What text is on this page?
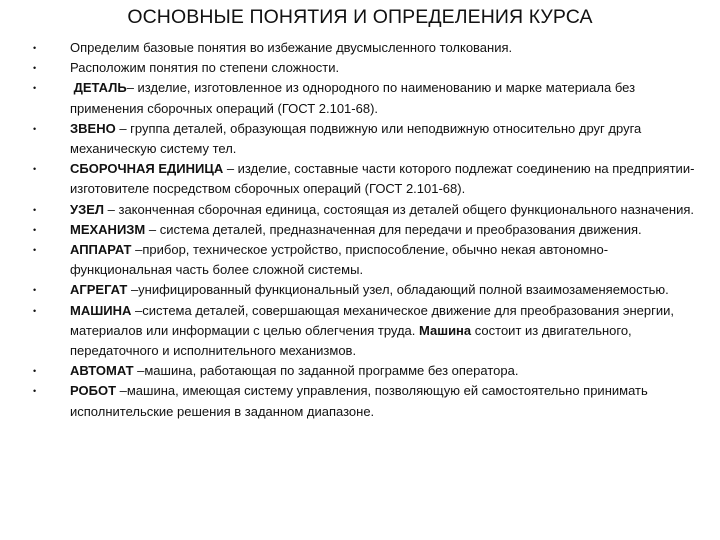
ОСНОВНЫЕ ПОНЯТИЯ И ОПРЕДЕЛЕНИЯ КУРСА
•	Определим базовые понятия во избежание двусмысленного толкования.
•	Расположим понятия по степени сложности.
•	ДЕТАЛЬ– изделие, изготовленное из однородного по наименованию и марке материала без применения сборочных операций (ГОСТ 2.101-68).
•	ЗВЕНО – группа деталей, образующая подвижную или неподвижную относительно друг друга механическую систему тел.
•	СБОРОЧНАЯ ЕДИНИЦА – изделие, составные части которого подлежат соединению на предприятии-изготовителе посредством сборочных операций (ГОСТ 2.101-68).
•	УЗЕЛ – законченная сборочная единица, состоящая из деталей общего функционального назначения.
•	МЕХАНИЗМ – система деталей, предназначенная для передачи и преобразования движения.
•	АППАРАТ –прибор, техническое устройство, приспособление, обычно некая автономно-функциональная часть более сложной системы.
•	АГРЕГАТ –унифицированный функциональный узел, обладающий полной взаимозаменяемостью.
•	МАШИНА –система деталей, совершающая механическое движение для преобразования энергии, материалов или информации с целью облегчения труда. Машина состоит из двигательного, передаточного и исполнительного механизмов.
•	АВТОМАТ –машина, работающая по заданной программе без оператора.
•	РОБОТ –машина, имеющая систему управления, позволяющую ей самостоятельно принимать исполнительские решения в заданном диапазоне.
